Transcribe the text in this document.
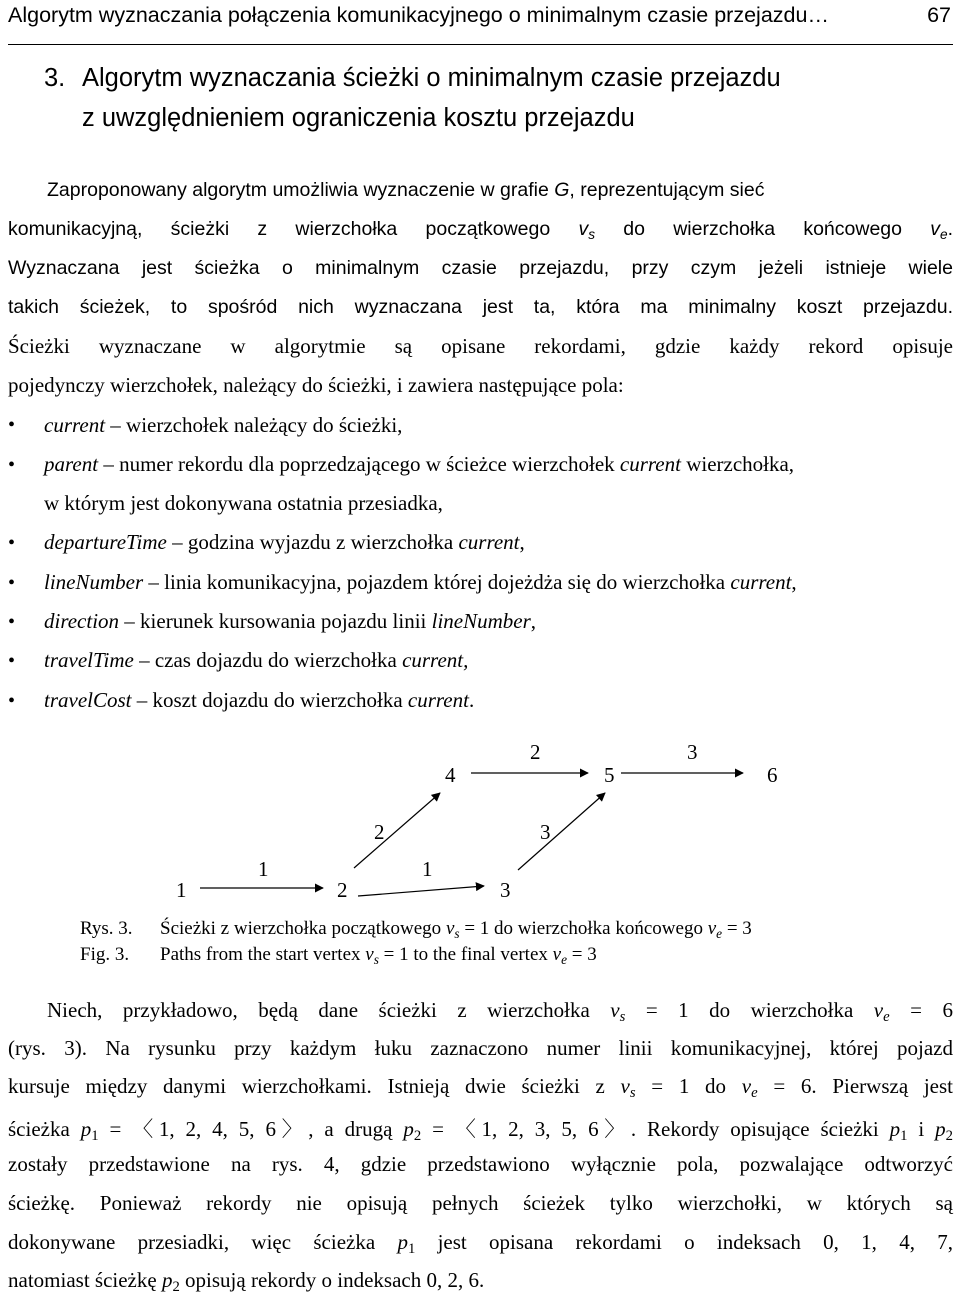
Algorytm wyznaczania połączenia komunikacyjnego o minimalnym czasie przejazdu…	67
3. Algorytm wyznaczania ścieżki o minimalnym czasie przejazdu
z uwzględnieniem ograniczenia kosztu przejazdu
Zaproponowany algorytm umożliwia wyznaczenie w grafie G, reprezentującym sieć
komunikacyjną, ścieżki z wierzchołka początkowego $v_s$ do wierzchołka końcowego $v_e$.
Wyznaczana jest ścieżka o minimalnym czasie przejazdu, przy czym jeżeli istnieje wiele
takich ścieżek, to spośród nich wyznaczana jest ta, która ma minimalny koszt przejazdu.
Ścieżki wyznaczane w algorytmie są opisane rekordami, gdzie każdy rekord opisuje
pojedynczy wierzchołek, należący do ścieżki, i zawiera następujące pola:
• current – wierzchołek należący do ścieżki,
• parent – numer rekordu dla poprzedzającego w ścieżce wierzchołek current wierzchołka,
w którym jest dokonywana ostatnia przesiadka,
• departureTime – godzina wyjazdu z wierzchołka current,
• lineNumber – linia komunikacyjna, pojazdem której dojeżdża się do wierzchołka current,
• direction – kierunek kursowania pojazdu linii lineNumber,
• travelTime – czas dojazdu do wierzchołka current,
• travelCost – koszt dojazdu do wierzchołka current.
1	2	3
4	5	6
1
2
1
2	3
3
Rys. 3. Ścieżki z wierzchołka początkowego $v_s = 1$ do wierzchołka końcowego $v_e = 3$
Fig. 3. Paths from the start vertex $v_s = 1$ to the final vertex $v_e = 3$
Niech, przykładowo, będą dane ścieżki z wierzchołka $v_s = 1$ do wierzchołka $v_e = 6$
(rys. 3). Na rysunku przy każdym łuku zaznaczono numer linii komunikacyjnej, której pojazd
kursuje między danymi wierzchołkami. Istnieją dwie ścieżki z $v_s = 1$ do $v_e = 6$. Pierwszą jest
ścieżka $p_1$ = 〈1, 2, 4, 5, 6〉, a drugą $p_2$ = 〈1, 2, 3, 5, 6〉. Rekordy opisujące ścieżki $p_1$ i $p_2$
zostały przedstawione na rys. 4, gdzie przedstawiono wyłącznie pola, pozwalające odtworzyć
ścieżkę. Ponieważ rekordy nie opisują pełnych ścieżek tylko wierzchołki, w których są
dokonywane przesiadki, więc ścieżka $p_1$ jest opisana rekordami o indeksach 0, 1, 4, 7,
natomiast ścieżkę $p_2$ opisują rekordy o indeksach 0, 2, 6.
